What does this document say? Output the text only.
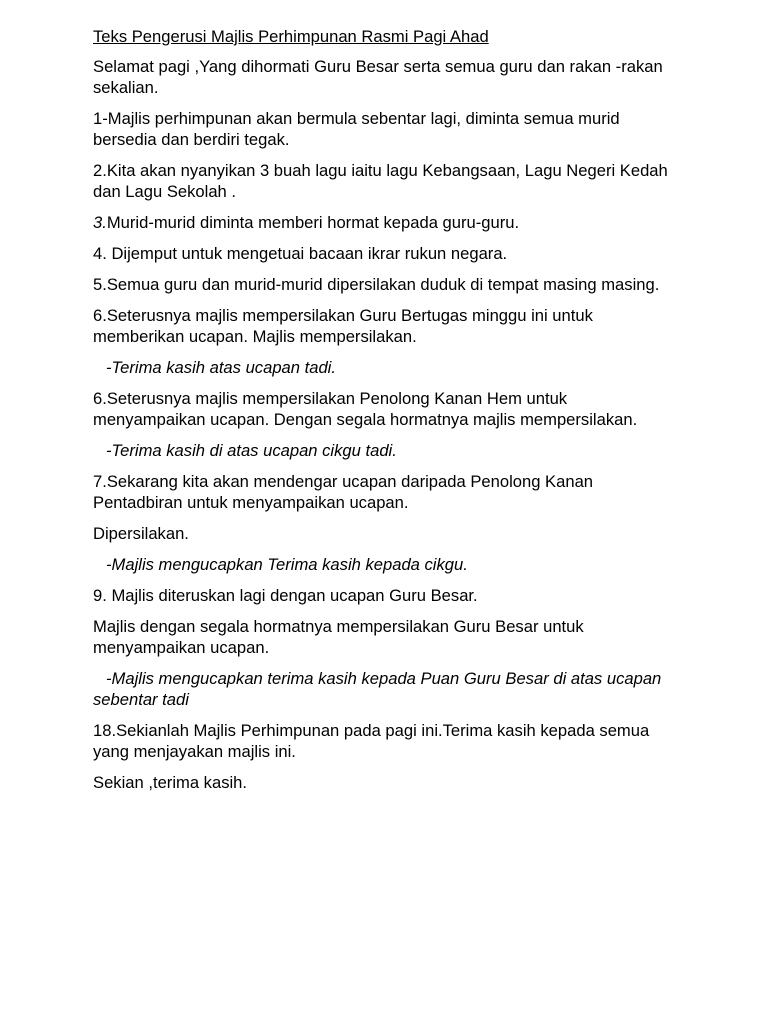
Teks Pengerusi Majlis Perhimpunan Rasmi Pagi Ahad

Selamat pagi ,Yang dihormati Guru Besar serta semua guru dan rakan -rakan sekalian.

1-Majlis perhimpunan akan bermula sebentar lagi, diminta semua murid bersedia dan berdiri tegak.

2.Kita akan nyanyikan 3 buah lagu iaitu lagu Kebangsaan, Lagu Negeri Kedah dan Lagu Sekolah .

3.Murid-murid diminta memberi hormat kepada guru-guru.

4. Dijemput untuk mengetuai bacaan ikrar rukun negara.

5.Semua guru dan murid-murid dipersilakan duduk di tempat masing masing.

6.Seterusnya majlis mempersilakan Guru Bertugas minggu ini untuk memberikan ucapan. Majlis mempersilakan.

-Terima kasih atas ucapan tadi.

6.Seterusnya majlis mempersilakan Penolong Kanan Hem untuk menyampaikan ucapan. Dengan segala hormatnya majlis mempersilakan.

-Terima kasih di atas ucapan cikgu tadi.

7.Sekarang kita akan mendengar ucapan daripada Penolong Kanan Pentadbiran untuk menyampaikan ucapan.

Dipersilakan.

-Majlis mengucapkan Terima kasih kepada cikgu.

9. Majlis diteruskan lagi dengan ucapan Guru Besar.

Majlis dengan segala hormatnya mempersilakan Guru Besar untuk menyampaikan ucapan.

-Majlis mengucapkan terima kasih kepada Puan Guru Besar di atas ucapan sebentar tadi

18.Sekianlah Majlis Perhimpunan pada pagi ini.Terima kasih kepada semua yang menjayakan majlis ini.

Sekian ,terima kasih.
